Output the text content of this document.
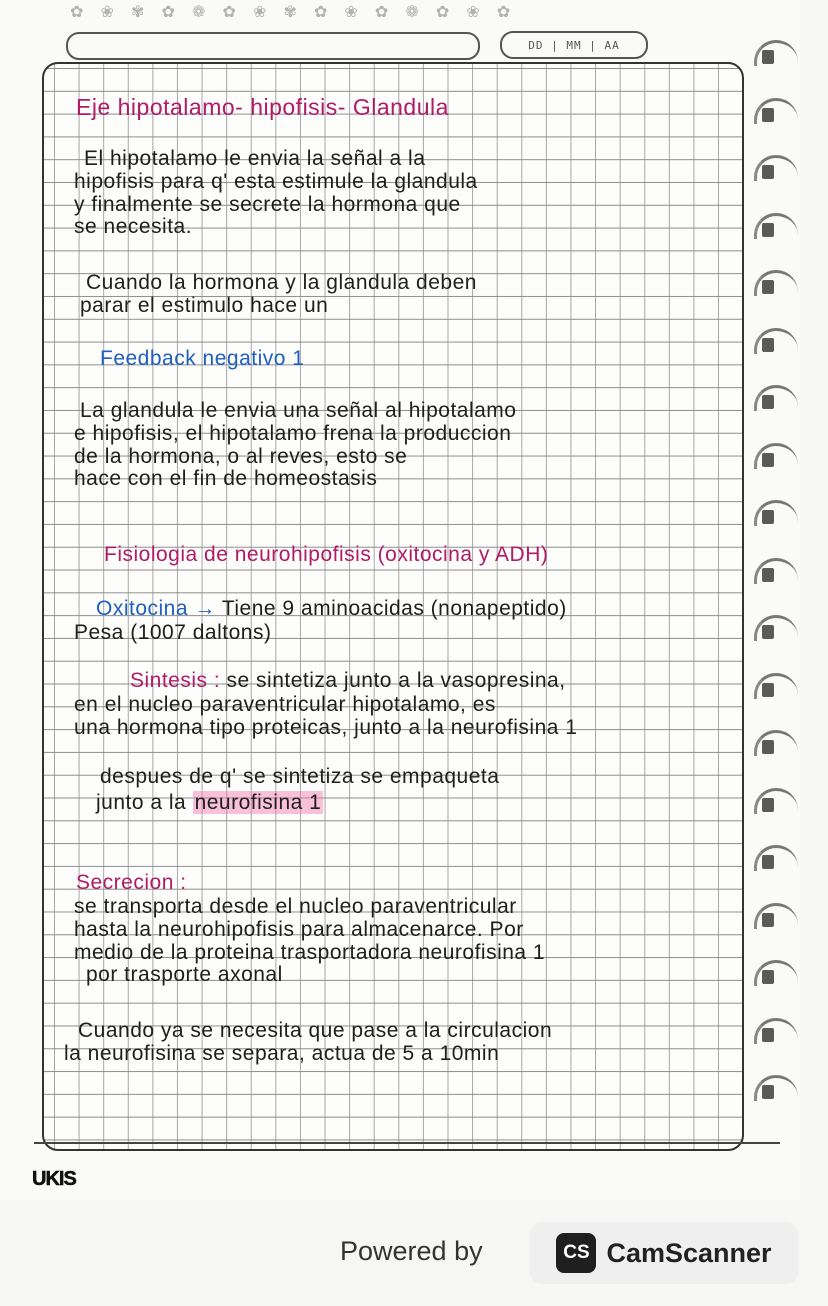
✿ ❀ ✾ ✿ ❁ ✿ ❀ ✾ ✿ ❀ ✿ ❁ ✿ ❀ ✿
DD | MM | AA
Eje hipotalamo- hipofisis- Glandula
El hipotalamo le envia la señal a la
hipofisis para q' esta estimule la glandula
y finalmente se secrete la hormona que
se necesita.
Cuando la hormona y la glandula deben
parar el estimulo hace un
Feedback negativo 1
La glandula le envia una señal al hipotalamo
e hipofisis, el hipotalamo frena la produccion
de la hormona, o al reves, esto se
hace con el fin de homeostasis
Fisiologia de neurohipofisis (oxitocina y ADH)
Oxitocina → Tiene 9 aminoacidas (nonapeptido)
Pesa (1007 daltons)
Sintesis : se sintetiza junto a la vasopresina,
en el nucleo paraventricular hipotalamo, es
una hormona tipo proteicas, junto a la neurofisina 1
despues de q' se sintetiza se empaqueta
junto a la neurofisina 1
Secrecion :
se transporta desde el nucleo paraventricular
hasta la neurohipofisis para almacenarce. Por
medio de la proteina trasportadora neurofisina 1
por trasporte axonal
Cuando ya se necesita que pase a la circulacion
la neurofisina se separa, actua de 5 a 10min
UKIS
Powered by	CS CamScanner
